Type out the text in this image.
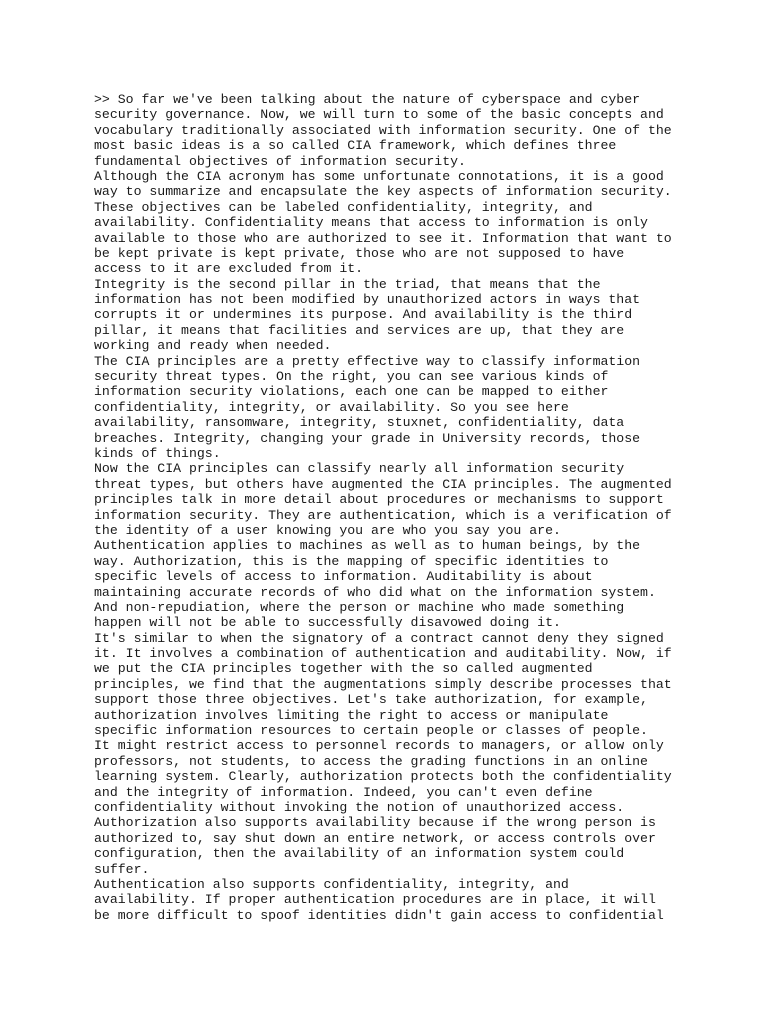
>> So far we've been talking about the nature of cyberspace and cyber
security governance. Now, we will turn to some of the basic concepts and
vocabulary traditionally associated with information security. One of the
most basic ideas is a so called CIA framework, which defines three
fundamental objectives of information security.
Although the CIA acronym has some unfortunate connotations, it is a good
way to summarize and encapsulate the key aspects of information security.
These objectives can be labeled confidentiality, integrity, and
availability. Confidentiality means that access to information is only
available to those who are authorized to see it. Information that want to
be kept private is kept private, those who are not supposed to have
access to it are excluded from it.
Integrity is the second pillar in the triad, that means that the
information has not been modified by unauthorized actors in ways that
corrupts it or undermines its purpose. And availability is the third
pillar, it means that facilities and services are up, that they are
working and ready when needed.
The CIA principles are a pretty effective way to classify information
security threat types. On the right, you can see various kinds of
information security violations, each one can be mapped to either
confidentiality, integrity, or availability. So you see here
availability, ransomware, integrity, stuxnet, confidentiality, data
breaches. Integrity, changing your grade in University records, those
kinds of things.
Now the CIA principles can classify nearly all information security
threat types, but others have augmented the CIA principles. The augmented
principles talk in more detail about procedures or mechanisms to support
information security. They are authentication, which is a verification of
the identity of a user knowing you are who you say you are.
Authentication applies to machines as well as to human beings, by the
way. Authorization, this is the mapping of specific identities to
specific levels of access to information. Auditability is about
maintaining accurate records of who did what on the information system.
And non-repudiation, where the person or machine who made something
happen will not be able to successfully disavowed doing it.
It's similar to when the signatory of a contract cannot deny they signed
it. It involves a combination of authentication and auditability. Now, if
we put the CIA principles together with the so called augmented
principles, we find that the augmentations simply describe processes that
support those three objectives. Let's take authorization, for example,
authorization involves limiting the right to access or manipulate
specific information resources to certain people or classes of people.
It might restrict access to personnel records to managers, or allow only
professors, not students, to access the grading functions in an online
learning system. Clearly, authorization protects both the confidentiality
and the integrity of information. Indeed, you can't even define
confidentiality without invoking the notion of unauthorized access.
Authorization also supports availability because if the wrong person is
authorized to, say shut down an entire network, or access controls over
configuration, then the availability of an information system could
suffer.
Authentication also supports confidentiality, integrity, and
availability. If proper authentication procedures are in place, it will
be more difficult to spoof identities didn't gain access to confidential
